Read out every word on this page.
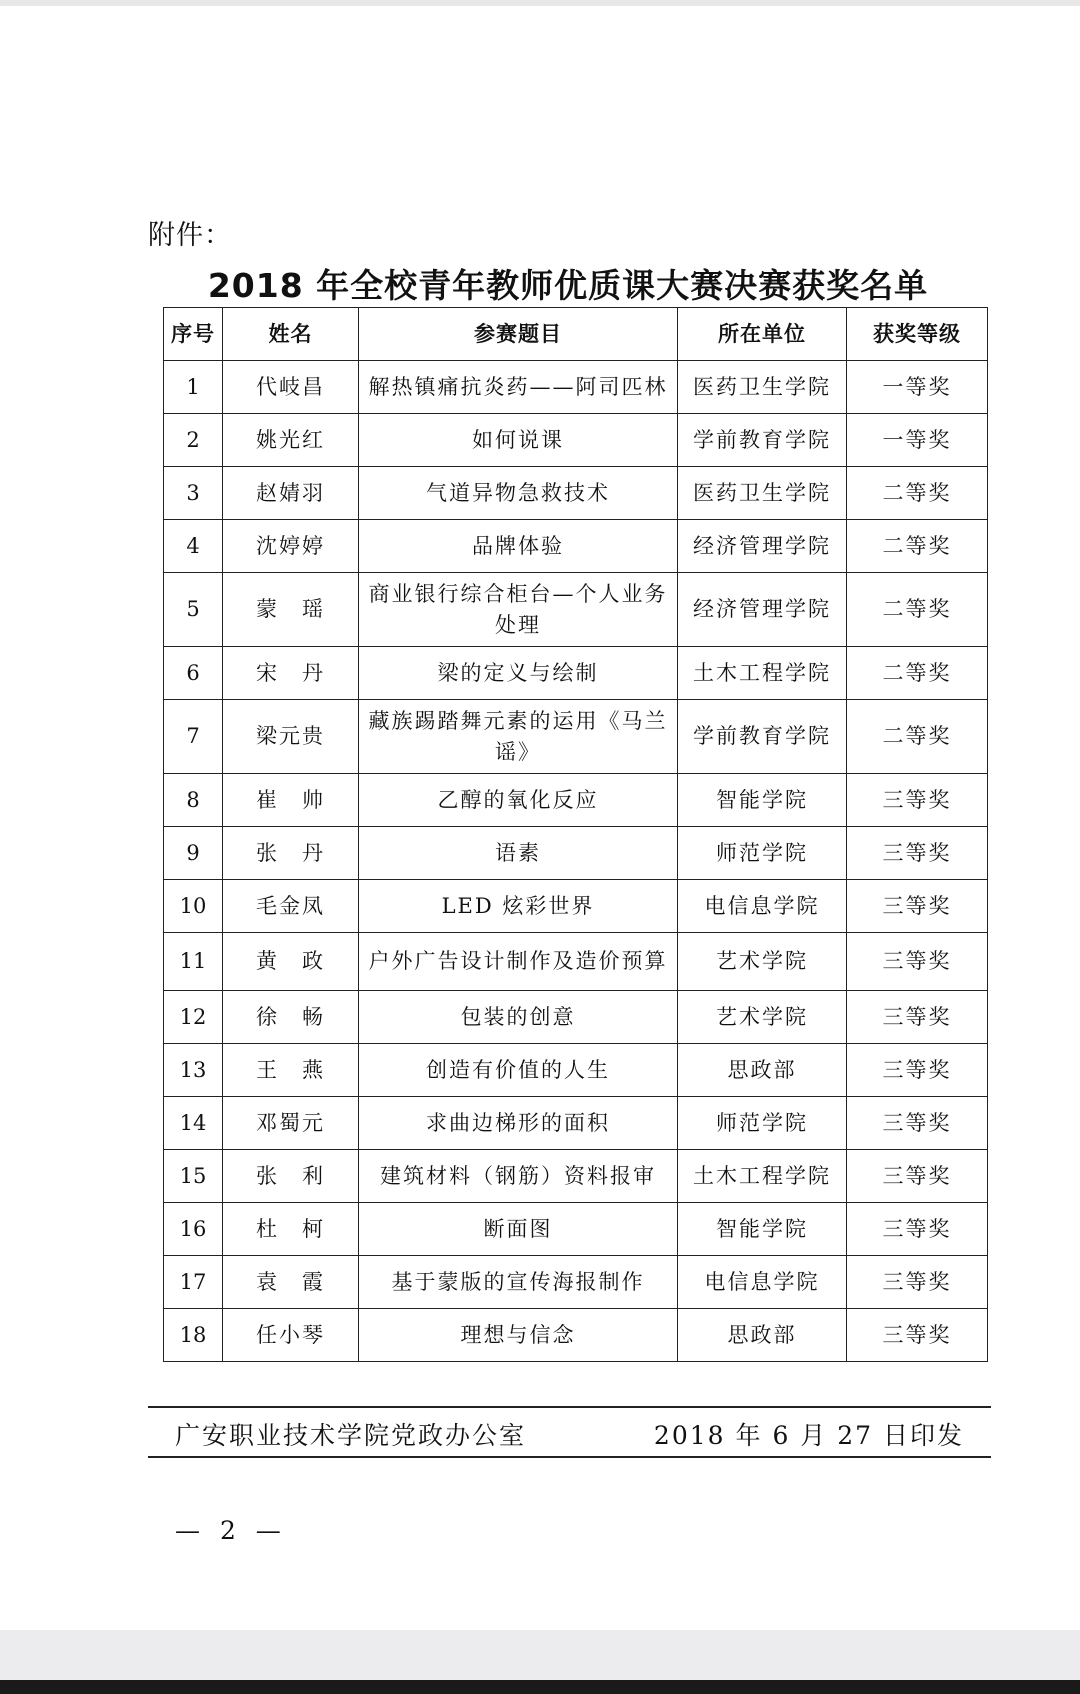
附件：
2018 年全校青年教师优质课大赛决赛获奖名单
序号	姓名	参赛题目	所在单位	获奖等级
1	代岐昌	解热镇痛抗炎药——阿司匹林	医药卫生学院	一等奖
2	姚光红	如何说课	学前教育学院	一等奖
3	赵婧羽	气道异物急救技术	医药卫生学院	二等奖
4	沈婷婷	品牌体验	经济管理学院	二等奖
5	蒙　瑶	商业银行综合柜台—个人业务处理	经济管理学院	二等奖
6	宋　丹	梁的定义与绘制	土木工程学院	二等奖
7	梁元贵	藏族踢踏舞元素的运用《马兰谣》	学前教育学院	二等奖
8	崔　帅	乙醇的氧化反应	智能学院	三等奖
9	张　丹	语素	师范学院	三等奖
10	毛金凤	LED 炫彩世界	电信息学院	三等奖
11	黄　政	户外广告设计制作及造价预算	艺术学院	三等奖
12	徐　畅	包装的创意	艺术学院	三等奖
13	王　燕	创造有价值的人生	思政部	三等奖
14	邓蜀元	求曲边梯形的面积	师范学院	三等奖
15	张　利	建筑材料（钢筋）资料报审	土木工程学院	三等奖
16	杜　柯	断面图	智能学院	三等奖
17	袁　霞	基于蒙版的宣传海报制作	电信息学院	三等奖
18	任小琴	理想与信念	思政部	三等奖
广安职业技术学院党政办公室	2018 年 6 月 27 日印发
— 2 —
